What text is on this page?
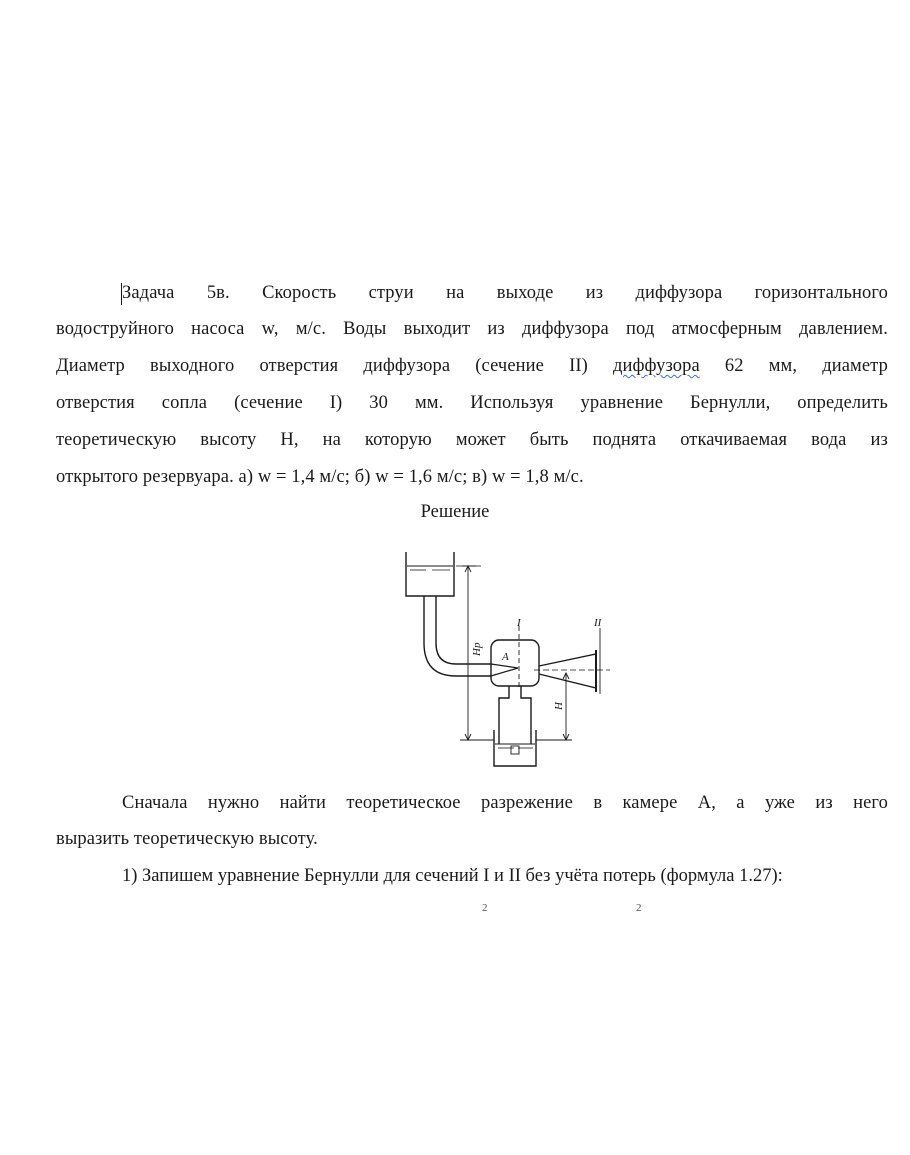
Задача 5в. Скорость струи на выходе из диффузора горизонтального
водоструйного насоса w, м/с. Воды выходит из диффузора под атмосферным давлением.
Диаметр выходного отверстия диффузора (сечение II) диффузора 62 мм, диаметр
отверстия сопла (сечение I) 30 мм. Используя уравнение Бернулли, определить
теоретическую высоту H, на которую может быть поднята откачиваемая вода из
открытого резервуара. а) w = 1,4 м/с; б) w = 1,6 м/с; в) w = 1,8 м/с.
Решение
I	II
A
Hp
H
Сначала нужно найти теоретическое разрежение в камере А, а уже из него
выразить теоретическую высоту.
1) Запишем уравнение Бернулли для сечений I и II без учёта потерь (формула 1.27):
2	2
